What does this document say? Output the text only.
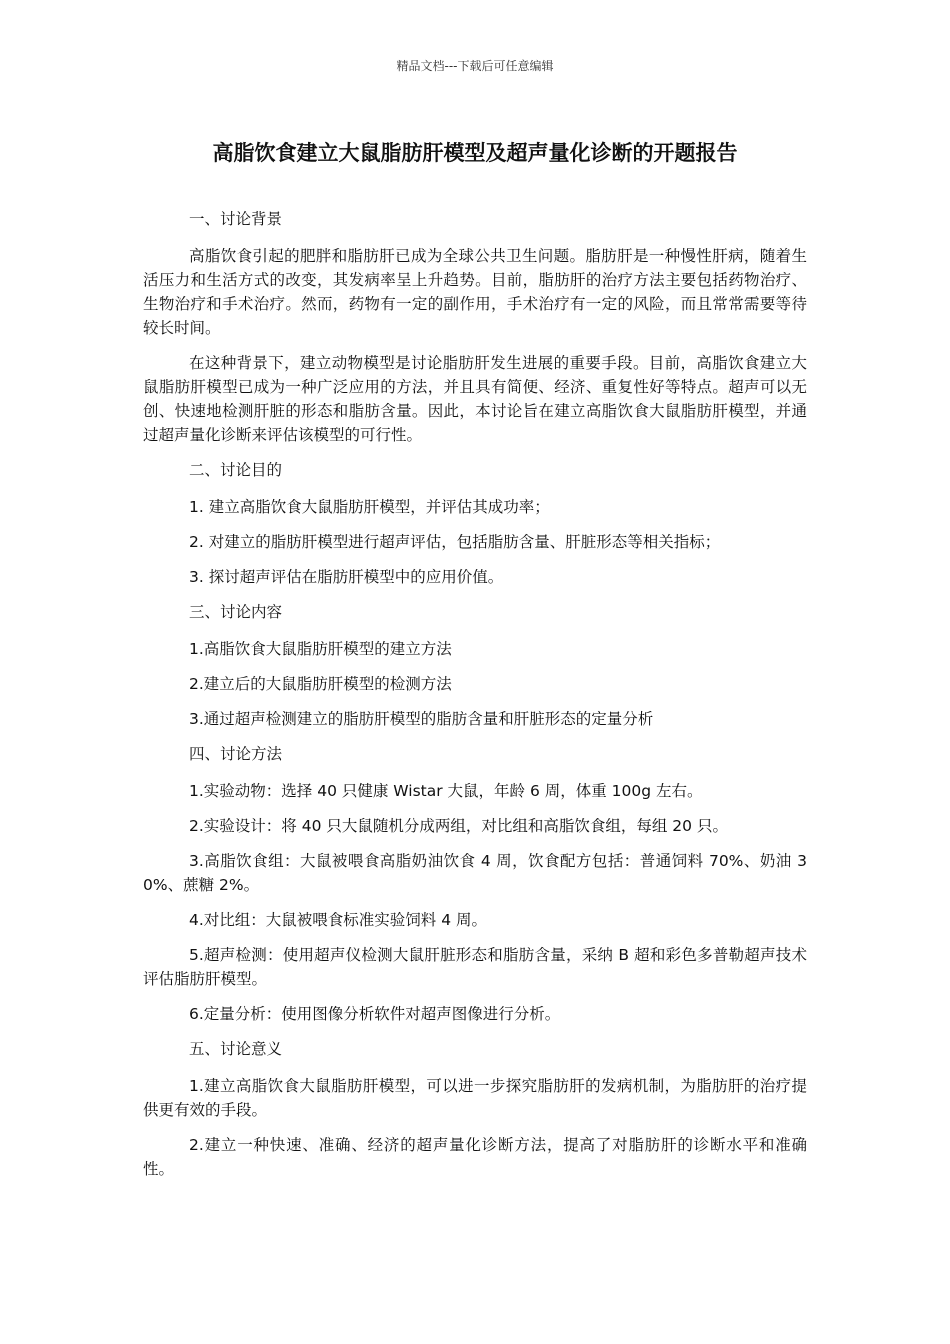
精品文档---下载后可任意编辑
高脂饮食建立大鼠脂肪肝模型及超声量化诊断的开题报告

一、讨论背景

高脂饮食引起的肥胖和脂肪肝已成为全球公共卫生问题。脂肪肝是一种慢性肝病，随着生活压力和生活方式的改变，其发病率呈上升趋势。目前，脂肪肝的治疗方法主要包括药物治疗、生物治疗和手术治疗。然而，药物有一定的副作用，手术治疗有一定的风险，而且常常需要等待较长时间。

在这种背景下，建立动物模型是讨论脂肪肝发生进展的重要手段。目前，高脂饮食建立大鼠脂肪肝模型已成为一种广泛应用的方法，并且具有简便、经济、重复性好等特点。超声可以无创、快速地检测肝脏的形态和脂肪含量。因此，本讨论旨在建立高脂饮食大鼠脂肪肝模型，并通过超声量化诊断来评估该模型的可行性。

二、讨论目的

1. 建立高脂饮食大鼠脂肪肝模型，并评估其成功率；

2. 对建立的脂肪肝模型进行超声评估，包括脂肪含量、肝脏形态等相关指标；

3. 探讨超声评估在脂肪肝模型中的应用价值。

三、讨论内容

1.高脂饮食大鼠脂肪肝模型的建立方法

2.建立后的大鼠脂肪肝模型的检测方法

3.通过超声检测建立的脂肪肝模型的脂肪含量和肝脏形态的定量分析

四、讨论方法

1.实验动物：选择 40 只健康 Wistar 大鼠，年龄 6 周，体重 100g 左右。

2.实验设计：将 40 只大鼠随机分成两组，对比组和高脂饮食组，每组 20 只。

3.高脂饮食组：大鼠被喂食高脂奶油饮食 4 周，饮食配方包括：普通饲料 70%、奶油 30%、蔗糖 2%。

4.对比组：大鼠被喂食标准实验饲料 4 周。

5.超声检测：使用超声仪检测大鼠肝脏形态和脂肪含量，采纳 B 超和彩色多普勒超声技术评估脂肪肝模型。

6.定量分析：使用图像分析软件对超声图像进行分析。

五、讨论意义

1.建立高脂饮食大鼠脂肪肝模型，可以进一步探究脂肪肝的发病机制，为脂肪肝的治疗提供更有效的手段。

2.建立一种快速、准确、经济的超声量化诊断方法，提高了对脂肪肝的诊断水平和准确性。
